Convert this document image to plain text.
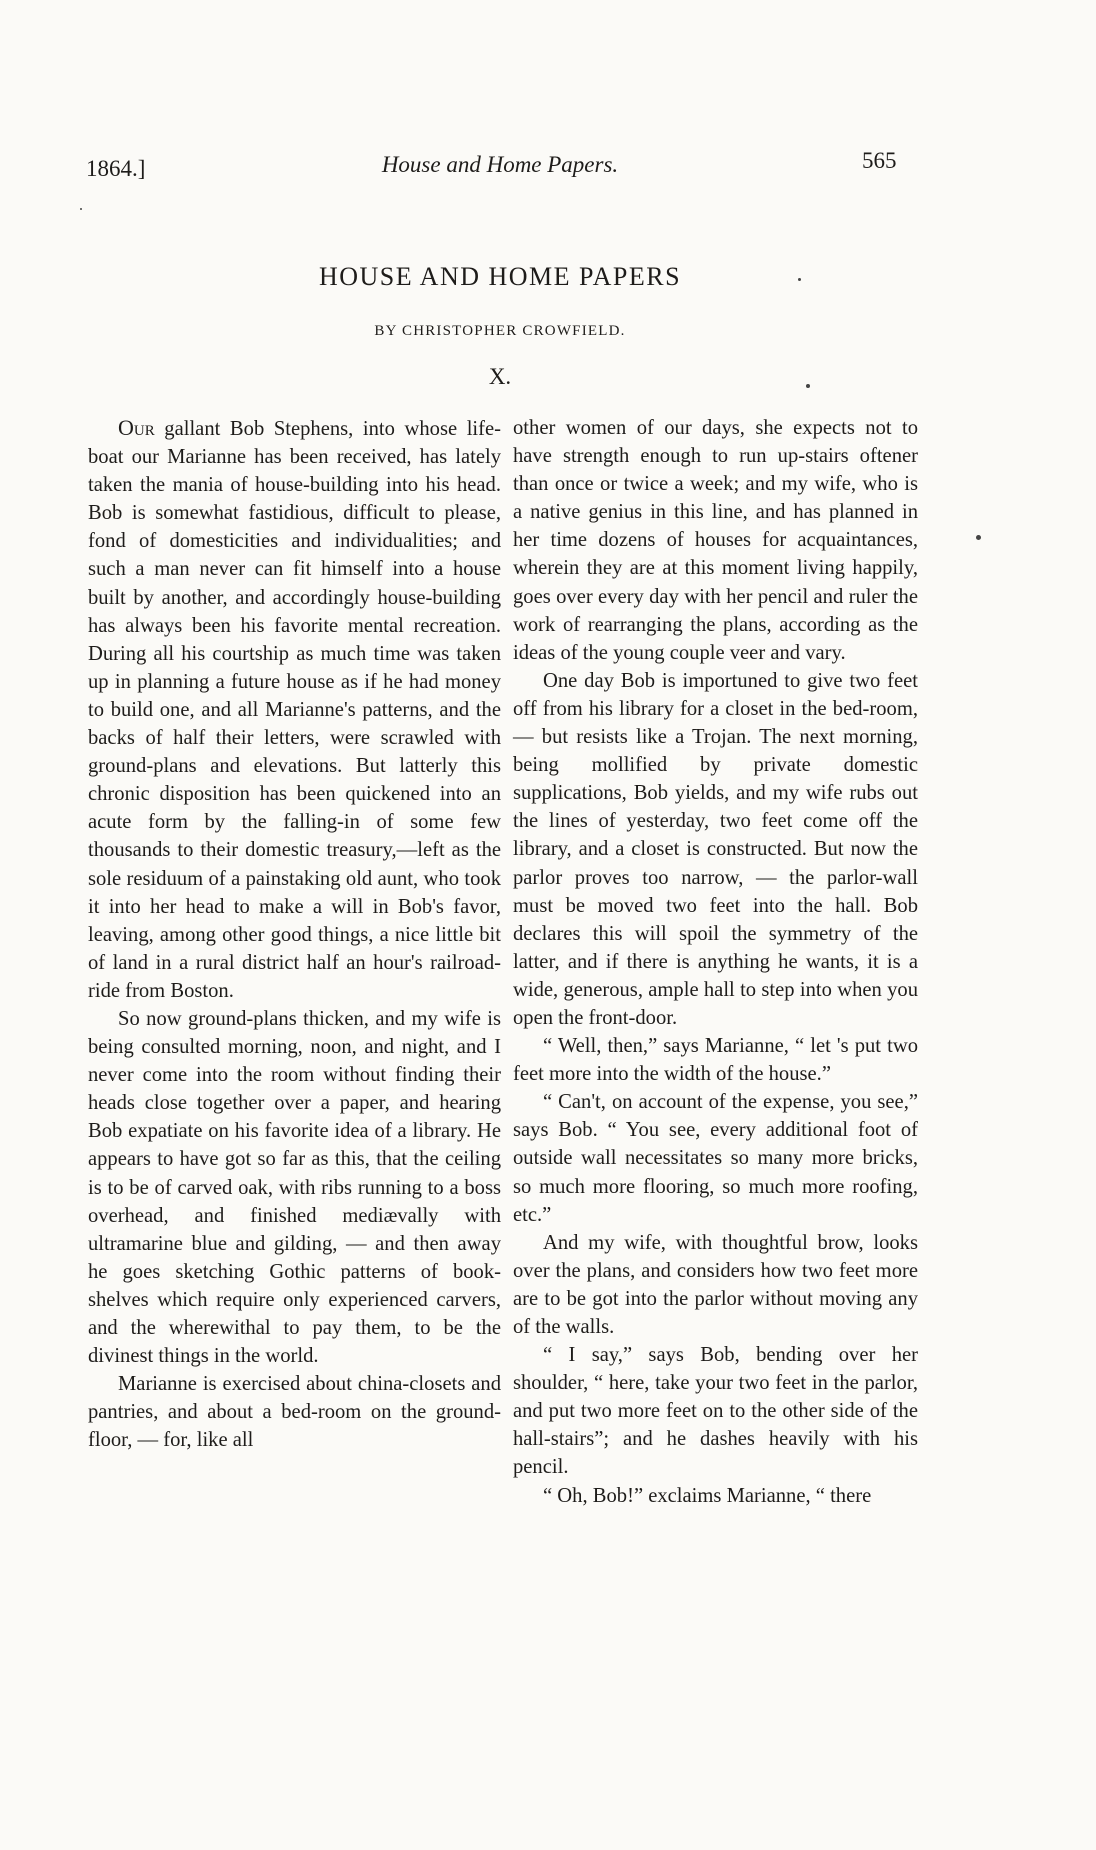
1864.]	House and Home Papers.	565
HOUSE AND HOME PAPERS
BY CHRISTOPHER CROWFIELD.
X.

Our gallant Bob Stephens, into whose life-boat our Marianne has been received, has lately taken the mania of house-building into his head. Bob is somewhat fastidious, difficult to please, fond of domesticities and individualities; and such a man never can fit himself into a house built by another, and accordingly house-building has always been his favorite mental recreation. During all his courtship as much time was taken up in planning a future house as if he had money to build one, and all Marianne's patterns, and the backs of half their letters, were scrawled with ground-plans and elevations. But latterly this chronic disposition has been quickened into an acute form by the falling-in of some few thousands to their domestic treasury,—left as the sole residuum of a painstaking old aunt, who took it into her head to make a will in Bob's favor, leaving, among other good things, a nice little bit of land in a rural district half an hour's railroad-ride from Boston.

So now ground-plans thicken, and my wife is being consulted morning, noon, and night, and I never come into the room without finding their heads close together over a paper, and hearing Bob expatiate on his favorite idea of a library. He appears to have got so far as this, that the ceiling is to be of carved oak, with ribs running to a boss overhead, and finished mediævally with ultramarine blue and gilding, — and then away he goes sketching Gothic patterns of book-shelves which require only experienced carvers, and the wherewithal to pay them, to be the divinest things in the world.

Marianne is exercised about china-closets and pantries, and about a bed-room on the ground-floor, — for, like all

other women of our days, she expects not to have strength enough to run up-stairs oftener than once or twice a week; and my wife, who is a native genius in this line, and has planned in her time dozens of houses for acquaintances, wherein they are at this moment living happily, goes over every day with her pencil and ruler the work of rearranging the plans, according as the ideas of the young couple veer and vary.

One day Bob is importuned to give two feet off from his library for a closet in the bed-room, — but resists like a Trojan. The next morning, being mollified by private domestic supplications, Bob yields, and my wife rubs out the lines of yesterday, two feet come off the library, and a closet is constructed. But now the parlor proves too narrow, — the parlor-wall must be moved two feet into the hall. Bob declares this will spoil the symmetry of the latter, and if there is anything he wants, it is a wide, generous, ample hall to step into when you open the front-door.

“ Well, then,” says Marianne, “ let 's put two feet more into the width of the house.”

“ Can't, on account of the expense, you see,” says Bob. “ You see, every additional foot of outside wall necessitates so many more bricks, so much more flooring, so much more roofing, etc.”

And my wife, with thoughtful brow, looks over the plans, and considers how two feet more are to be got into the parlor without moving any of the walls.

“ I say,” says Bob, bending over her shoulder, “ here, take your two feet in the parlor, and put two more feet on to the other side of the hall-stairs”; and he dashes heavily with his pencil.

“ Oh, Bob!” exclaims Marianne, “ there
